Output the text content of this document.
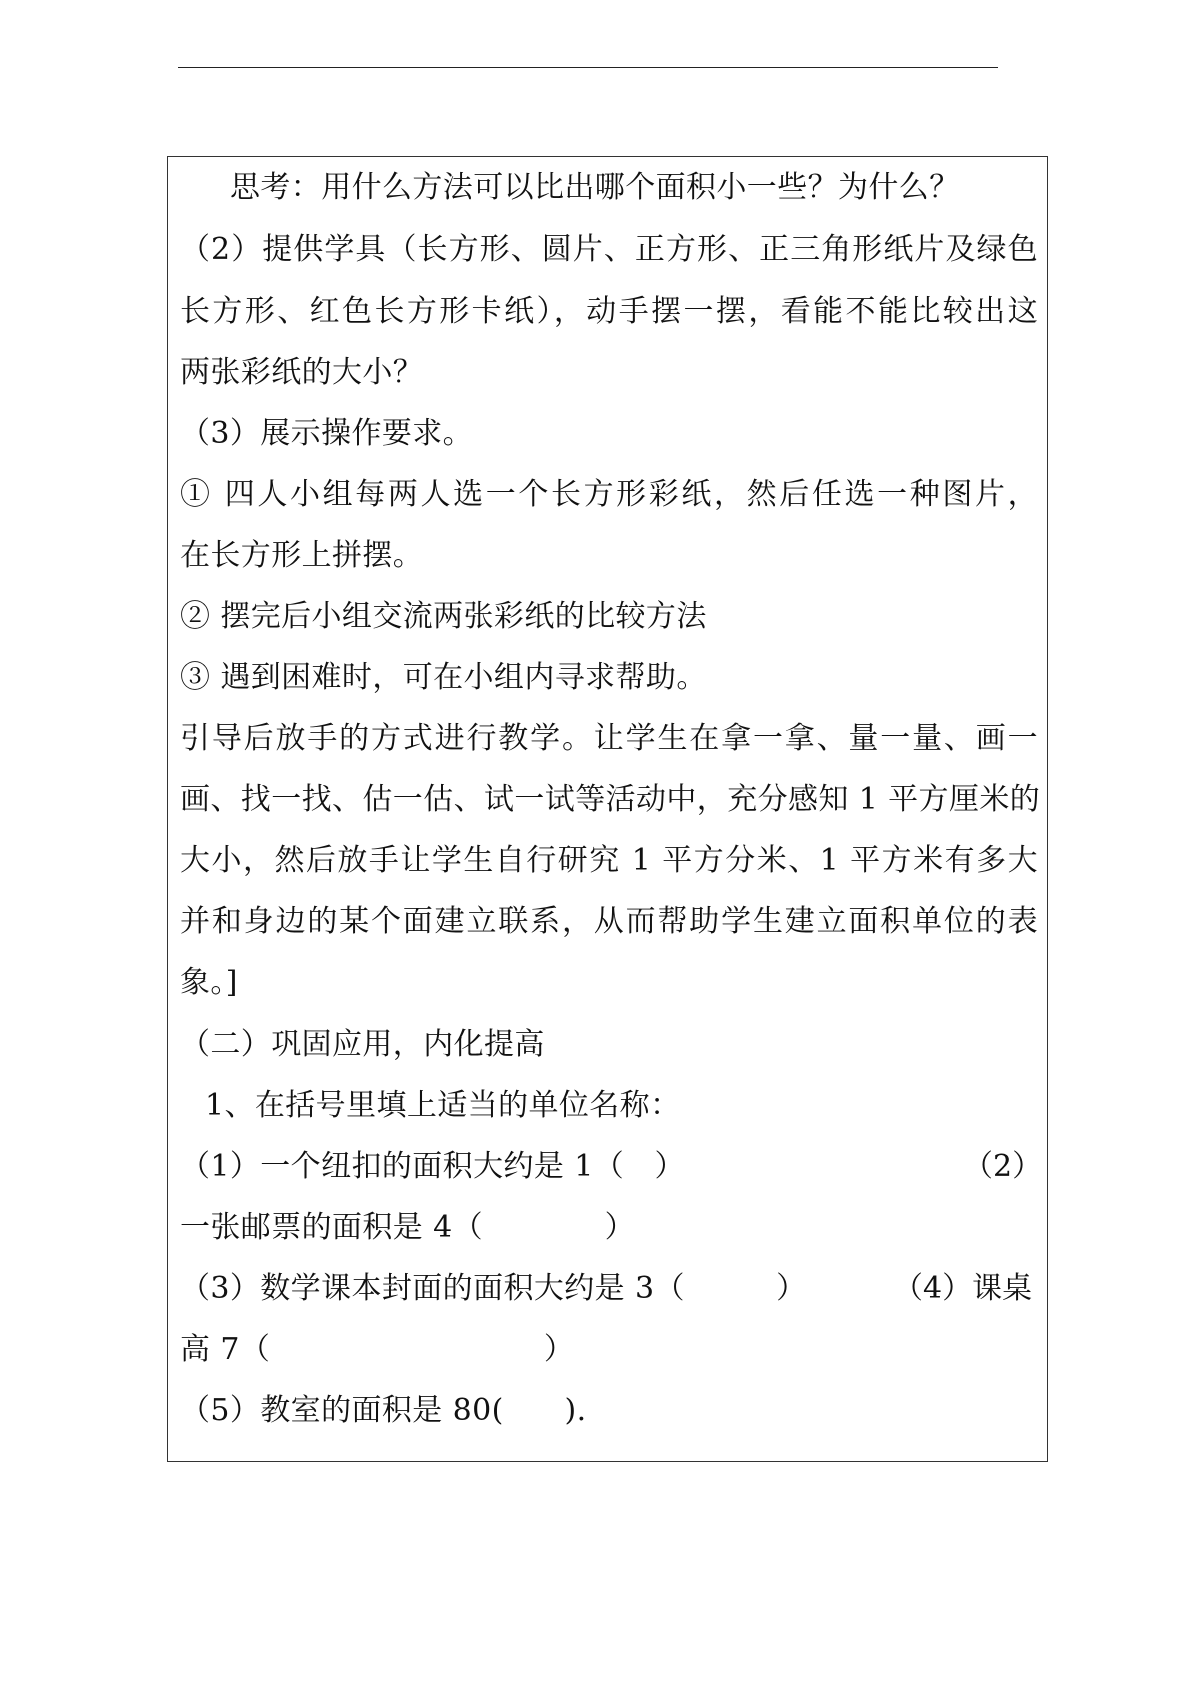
思考：用什么方法可以比出哪个面积小一些？为什么？
（2）提供学具（长方形、圆片、正方形、正三角形纸片及绿色
长方形、红色长方形卡纸），动手摆一摆，看能不能比较出这
两张彩纸的大小？
（3）展示操作要求。
① 四人小组每两人选一个长方形彩纸，然后任选一种图片，
在长方形上拼摆。
② 摆完后小组交流两张彩纸的比较方法
③ 遇到困难时，可在小组内寻求帮助。
引导后放手的方式进行教学。让学生在拿一拿、量一量、画一
画、找一找、估一估、试一试等活动中，充分感知 1 平方厘米的
大小，然后放手让学生自行研究 1 平方分米、1 平方米有多大
并和身边的某个面建立联系，从而帮助学生建立面积单位的表
象。]
（二）巩固应用，内化提高
1、在括号里填上适当的单位名称：
（1）一个纽扣的面积大约是 1（　）	（2）
一张邮票的面积是 4（　　　　）
（3）数学课本封面的面积大约是 3（　　　）	（4）课桌
高 7（　　　　　　　　　）
（5）教室的面积是 80(　　).
